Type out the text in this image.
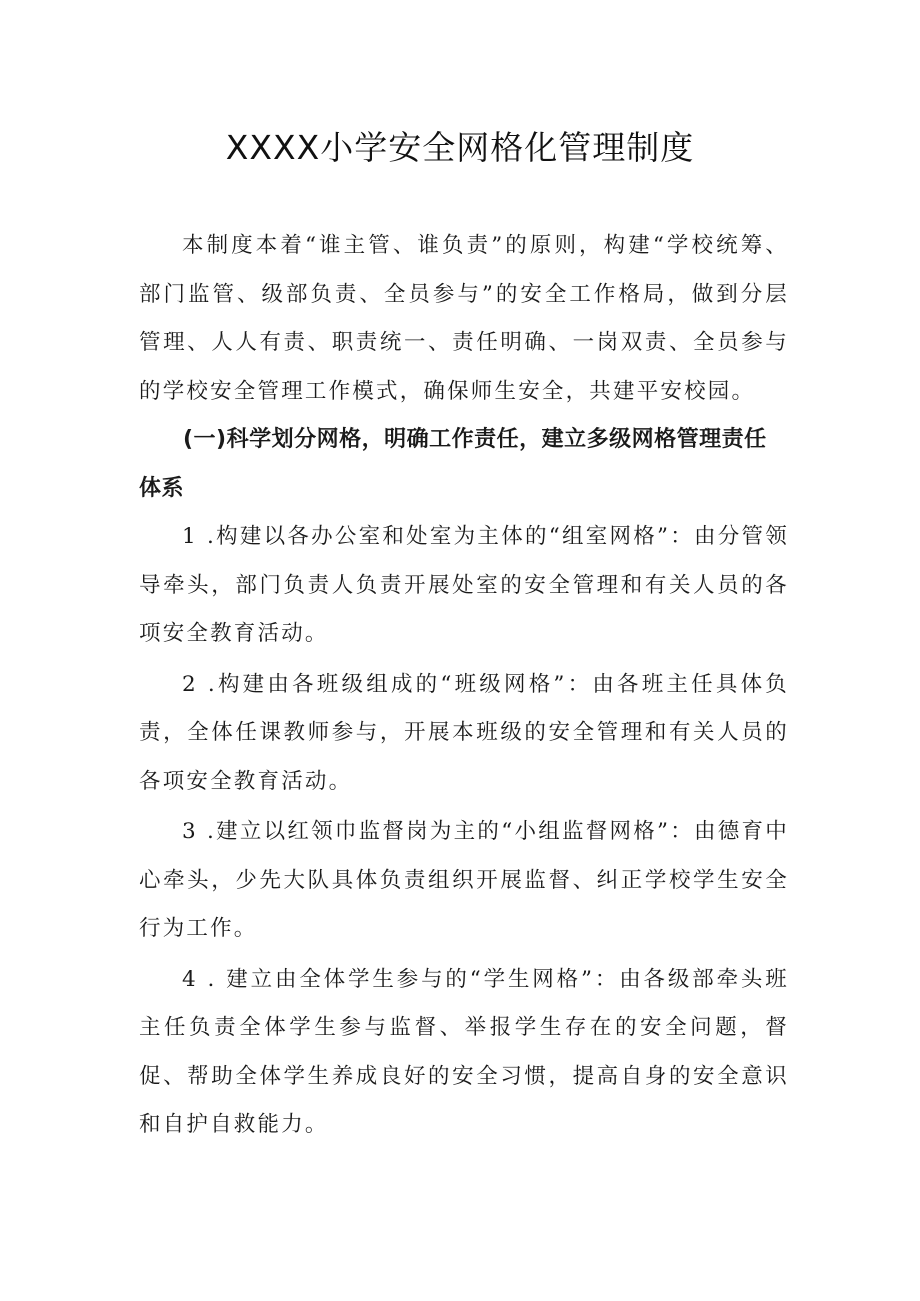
XXXX小学安全网格化管理制度

本制度本着“谁主管、谁负责”的原则，构建“学校统筹、部门监管、级部负责、全员参与”的安全工作格局，做到分层管理、人人有责、职责统一、责任明确、一岗双责、全员参与的学校安全管理工作模式，确保师生安全，共建平安校园。

(一)科学划分网格，明确工作责任，建立多级网格管理责任体系

1 .构建以各办公室和处室为主体的“组室网格”：由分管领导牵头，部门负责人负责开展处室的安全管理和有关人员的各项安全教育活动。

2 .构建由各班级组成的“班级网格”：由各班主任具体负责，全体任课教师参与，开展本班级的安全管理和有关人员的各项安全教育活动。

3 .建立以红领巾监督岗为主的“小组监督网格”：由德育中心牵头，少先大队具体负责组织开展监督、纠正学校学生安全行为工作。

4 . 建立由全体学生参与的“学生网格”：由各级部牵头班主任负责全体学生参与监督、举报学生存在的安全问题，督促、帮助全体学生养成良好的安全习惯，提高自身的安全意识和自护自救能力。
